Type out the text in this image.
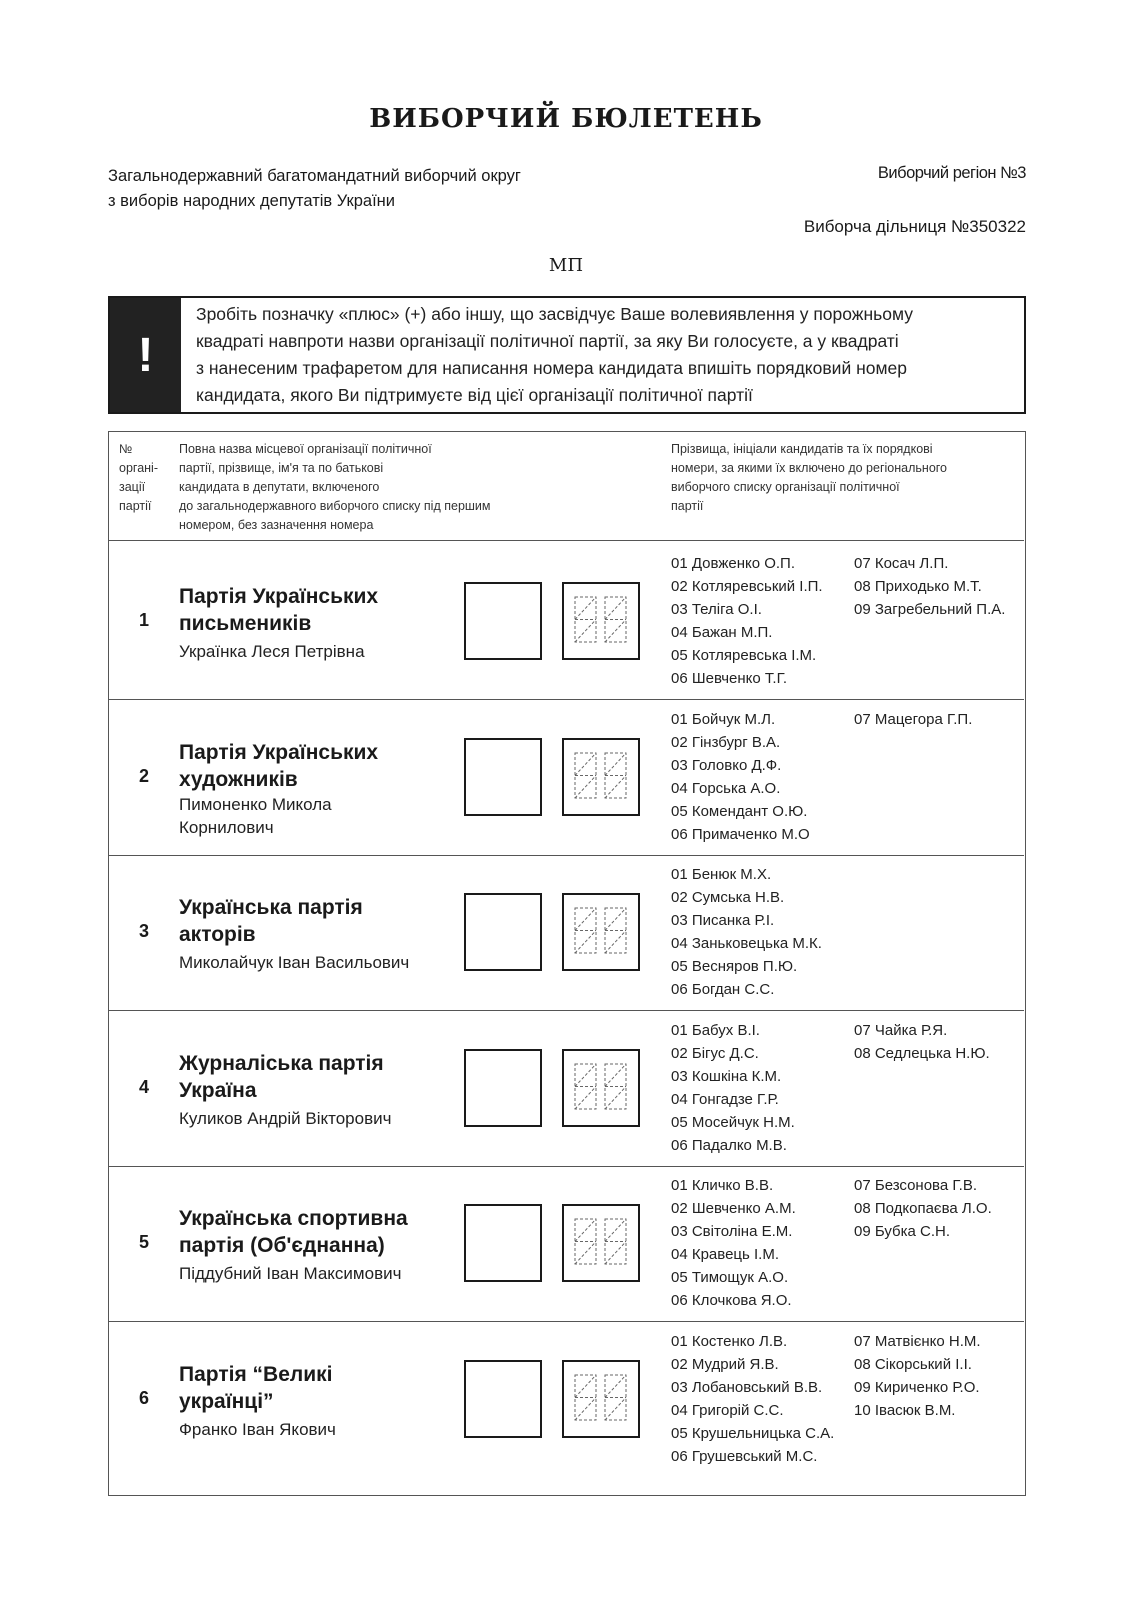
ВИБОРЧИЙ БЮЛЕТЕНЬ
Загальнодержавний багатомандатний виборчий округ
з виборів народних депутатів України
Виборчий регіон №3
Виборча дільниця №350322
МП
!
Зробіть позначку «плюс» (+) або іншу, що засвідчує Ваше волевиявлення у порожньому
квадраті навпроти назви організації політичної партії, за яку Ви голосуєте, а у квадраті
з нанесеним трафаретом для написання номера кандидата впишіть порядковий номер
кандидата, якого Ви підтримуєте від цієї організації політичної партії
№
органі-
зації
партії
Повна назва місцевої організації політичної
партії, прізвище, ім'я та по батькові
кандидата в депутати, включеного
до загальнодержавного виборчого списку під першим
номером, без зазначення номера
Прізвища, ініціали кандидатів та їх порядкові
номери, за якими їх включено до регіонального
виборчого списку організації політичної
партії
1
Партія Українських
письмеників
Українка Леся Петрівна
01 Довженко О.П.
02 Котляревський І.П.
03 Теліга О.І.
04 Бажан М.П.
05 Котляревська І.М.
06 Шевченко Т.Г.
07 Косач Л.П.
08 Приходько М.Т.
09 Загребельний П.А.
2
Партія Українських
художників
Пимоненко Микола
Корнилович
01 Бойчук М.Л.
02 Гінзбург В.А.
03 Головко Д.Ф.
04 Горська А.О.
05 Комендант О.Ю.
06 Примаченко М.О
07 Мацегора Г.П.
3
Українська партія
акторів
Миколайчук Іван Васильович
01 Бенюк М.Х.
02 Сумська Н.В.
03 Писанка Р.І.
04 Заньковецька М.К.
05 Весняров П.Ю.
06 Богдан С.С.
4
Журналіська партія
Україна
Куликов Андрій Вікторович
01 Бабух В.І.
02 Бігус Д.С.
03 Кошкіна К.М.
04 Гонгадзе Г.Р.
05 Мосейчук Н.М.
06 Падалко М.В.
07 Чайка Р.Я.
08 Седлецька Н.Ю.
5
Українська спортивна
партія (Об'єднанна)
Піддубний Іван Максимович
01 Кличко В.В.
02 Шевченко А.М.
03 Світоліна Е.М.
04 Кравець І.М.
05 Тимощук А.О.
06 Клочкова Я.О.
07 Безсонова Г.В.
08 Подкопаєва Л.О.
09 Бубка С.Н.
6
Партія “Великі
українці”
Франко Іван Якович
01 Костенко Л.В.
02 Мудрий Я.В.
03 Лобановський В.В.
04 Григорій С.С.
05 Крушельницька С.А.
06 Грушевський М.С.
07 Матвієнко Н.М.
08 Сікорський І.І.
09 Кириченко Р.О.
10 Івасюк В.М.
